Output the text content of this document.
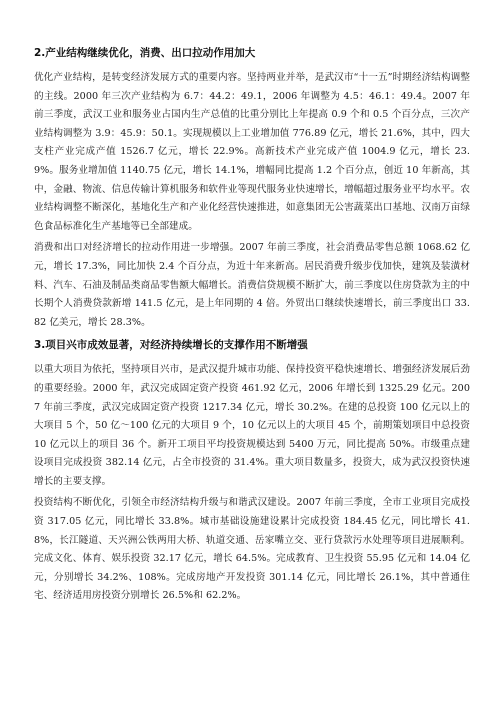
2.产业结构继续优化，消费、出口拉动作用加大

优化产业结构，是转变经济发展方式的重要内容。坚持两业并举，是武汉市“十一五”时期经济结构调整的主线。2000 年三次产业结构为 6.7：44.2：49.1，2006 年调整为 4.5：46.1：49.4。2007 年前三季度，武汉工业和服务业占国内生产总值的比重分别比上年提高 0.9 个和 0.5 个百分点，三次产业结构调整为 3.9：45.9：50.1。实现规模以上工业增加值 776.89 亿元，增长 21.6%，其中，四大支柱产业完成产值 1526.7 亿元，增长 22.9%。高新技术产业完成产值 1004.9 亿元，增长 23.9%。服务业增加值 1140.75 亿元，增长 14.1%，增幅同比提高 1.2 个百分点，创近 10 年新高，其中，金融、物流、信息传输计算机服务和软件业等现代服务业快速增长，增幅超过服务业平均水平。农业结构调整不断深化，基地化生产和产业化经营快速推进，如意集团无公害蔬菜出口基地、汉南万亩绿色食品标准化生产基地等已全部建成。

消费和出口对经济增长的拉动作用进一步增强。2007 年前三季度，社会消费品零售总额 1068.62 亿元，增长 17.3%，同比加快 2.4 个百分点，为近十年来新高。居民消费升级步伐加快，建筑及装潢材料、汽车、石油及制品类商品零售额大幅增长。消费信贷规模不断扩大，前三季度以住房贷款为主的中长期个人消费贷款新增 141.5 亿元，是上年同期的 4 倍。外贸出口继续快速增长，前三季度出口 33.82 亿美元，增长 28.3%。

3.项目兴市成效显著，对经济持续增长的支撑作用不断增强

以重大项目为依托，坚持项目兴市，是武汉提升城市功能、保持投资平稳快速增长、增强经济发展后劲的重要经验。2000 年，武汉完成固定资产投资 461.92 亿元，2006 年增长到 1325.29 亿元。2007 年前三季度，武汉完成固定资产投资 1217.34 亿元，增长 30.2%。在建的总投资 100 亿元以上的大项目 5 个，50 亿～100 亿元的大项目 9 个，10 亿元以上的大项目 45 个，前期策划项目中总投资 10 亿元以上的项目 36 个。新开工项目平均投资规模达到 5400 万元，同比提高 50%。市级重点建设项目完成投资 382.14 亿元，占全市投资的 31.4%。重大项目数量多，投资大，成为武汉投资快速增长的主要支撑。

投资结构不断优化，引领全市经济结构升级与和谐武汉建设。2007 年前三季度，全市工业项目完成投资 317.05 亿元，同比增长 33.8%。城市基础设施建设累计完成投资 184.45 亿元，同比增长 41.8%，长江隧道、天兴洲公铁两用大桥、轨道交通、岳家嘴立交、亚行贷款污水处理等项目进展顺利。完成文化、体育、娱乐投资 32.17 亿元，增长 64.5%。完成教育、卫生投资 55.95 亿元和 14.04 亿元，分别增长 34.2%、108%。完成房地产开发投资 301.14 亿元，同比增长 26.1%，其中普通住宅、经济适用房投资分别增长 26.5%和 62.2%。
